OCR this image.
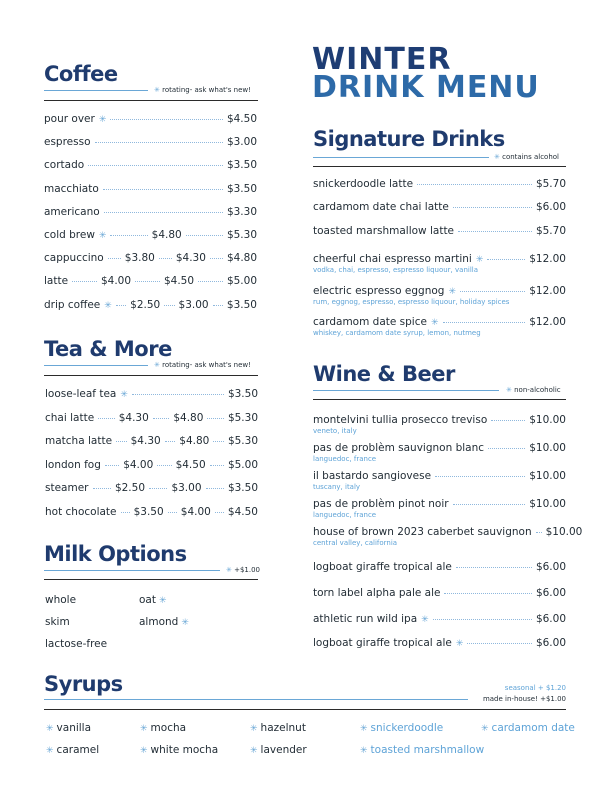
WINTER
DRINK MENU
Coffee
✳ rotating- ask what's new!
pour over ✳	$4.50
espresso	$3.00
cortado	$3.50
macchiato	$3.50
americano	$3.30
cold brew ✳	$4.80	$5.30
cappuccino $3.80 $4.30 $4.80
latte	$4.00	$4.50	$5.00
drip coffee ✳ $2.50 $3.00 $3.50
Tea & More
✳ rotating- ask what's new!
loose-leaf tea ✳	$3.50
chai latte $4.30 $4.80 $5.30
matcha latte $4.30 $4.80 $5.30
london fog $4.00 $4.50 $5.00
steamer	$2.50	$3.00	$3.50
hot chocolate $3.50 $4.00 $4.50
Milk Options
✳ +$1.00
whole	oat ✳
skim	almond ✳
lactose-free
Signature Drinks
✳ contains alcohol
snickerdoodle latte	$5.70
cardamom date chai latte	$6.00
toasted marshmallow latte	$5.70
cheerful chai espresso martini ✳	$12.00
vodka, chai, espresso, espresso liquour, vanilla
electric espresso eggnog ✳	$12.00
rum, eggnog, espresso, espresso liquour, holiday spices
cardamom date spice ✳	$12.00
whiskey, cardamom date syrup, lemon, nutmeg
Wine & Beer
✳ non-alcoholic
montelvini tullia prosecco treviso	$10.00
veneto, italy
pas de problèm sauvignon blanc	$10.00
languedoc, france
il bastardo sangiovese	$10.00
tuscany, italy
pas de problèm pinot noir	$10.00
languedoc, france
house of brown 2023 caberbet sauvignon $10.00
central valley, california
logboat giraffe tropical ale	$6.00
torn label alpha pale ale	$6.00
athletic run wild ipa ✳	$6.00
logboat giraffe tropical ale ✳	$6.00
Syrups	seasonal + $1.20
made in-house! +$1.00
✳ vanilla	✳ mocha	✳ hazelnut	✳ snickerdoodle	✳ cardamom date
✳ caramel	✳ white mocha	✳ lavender	✳ toasted marshmallow
